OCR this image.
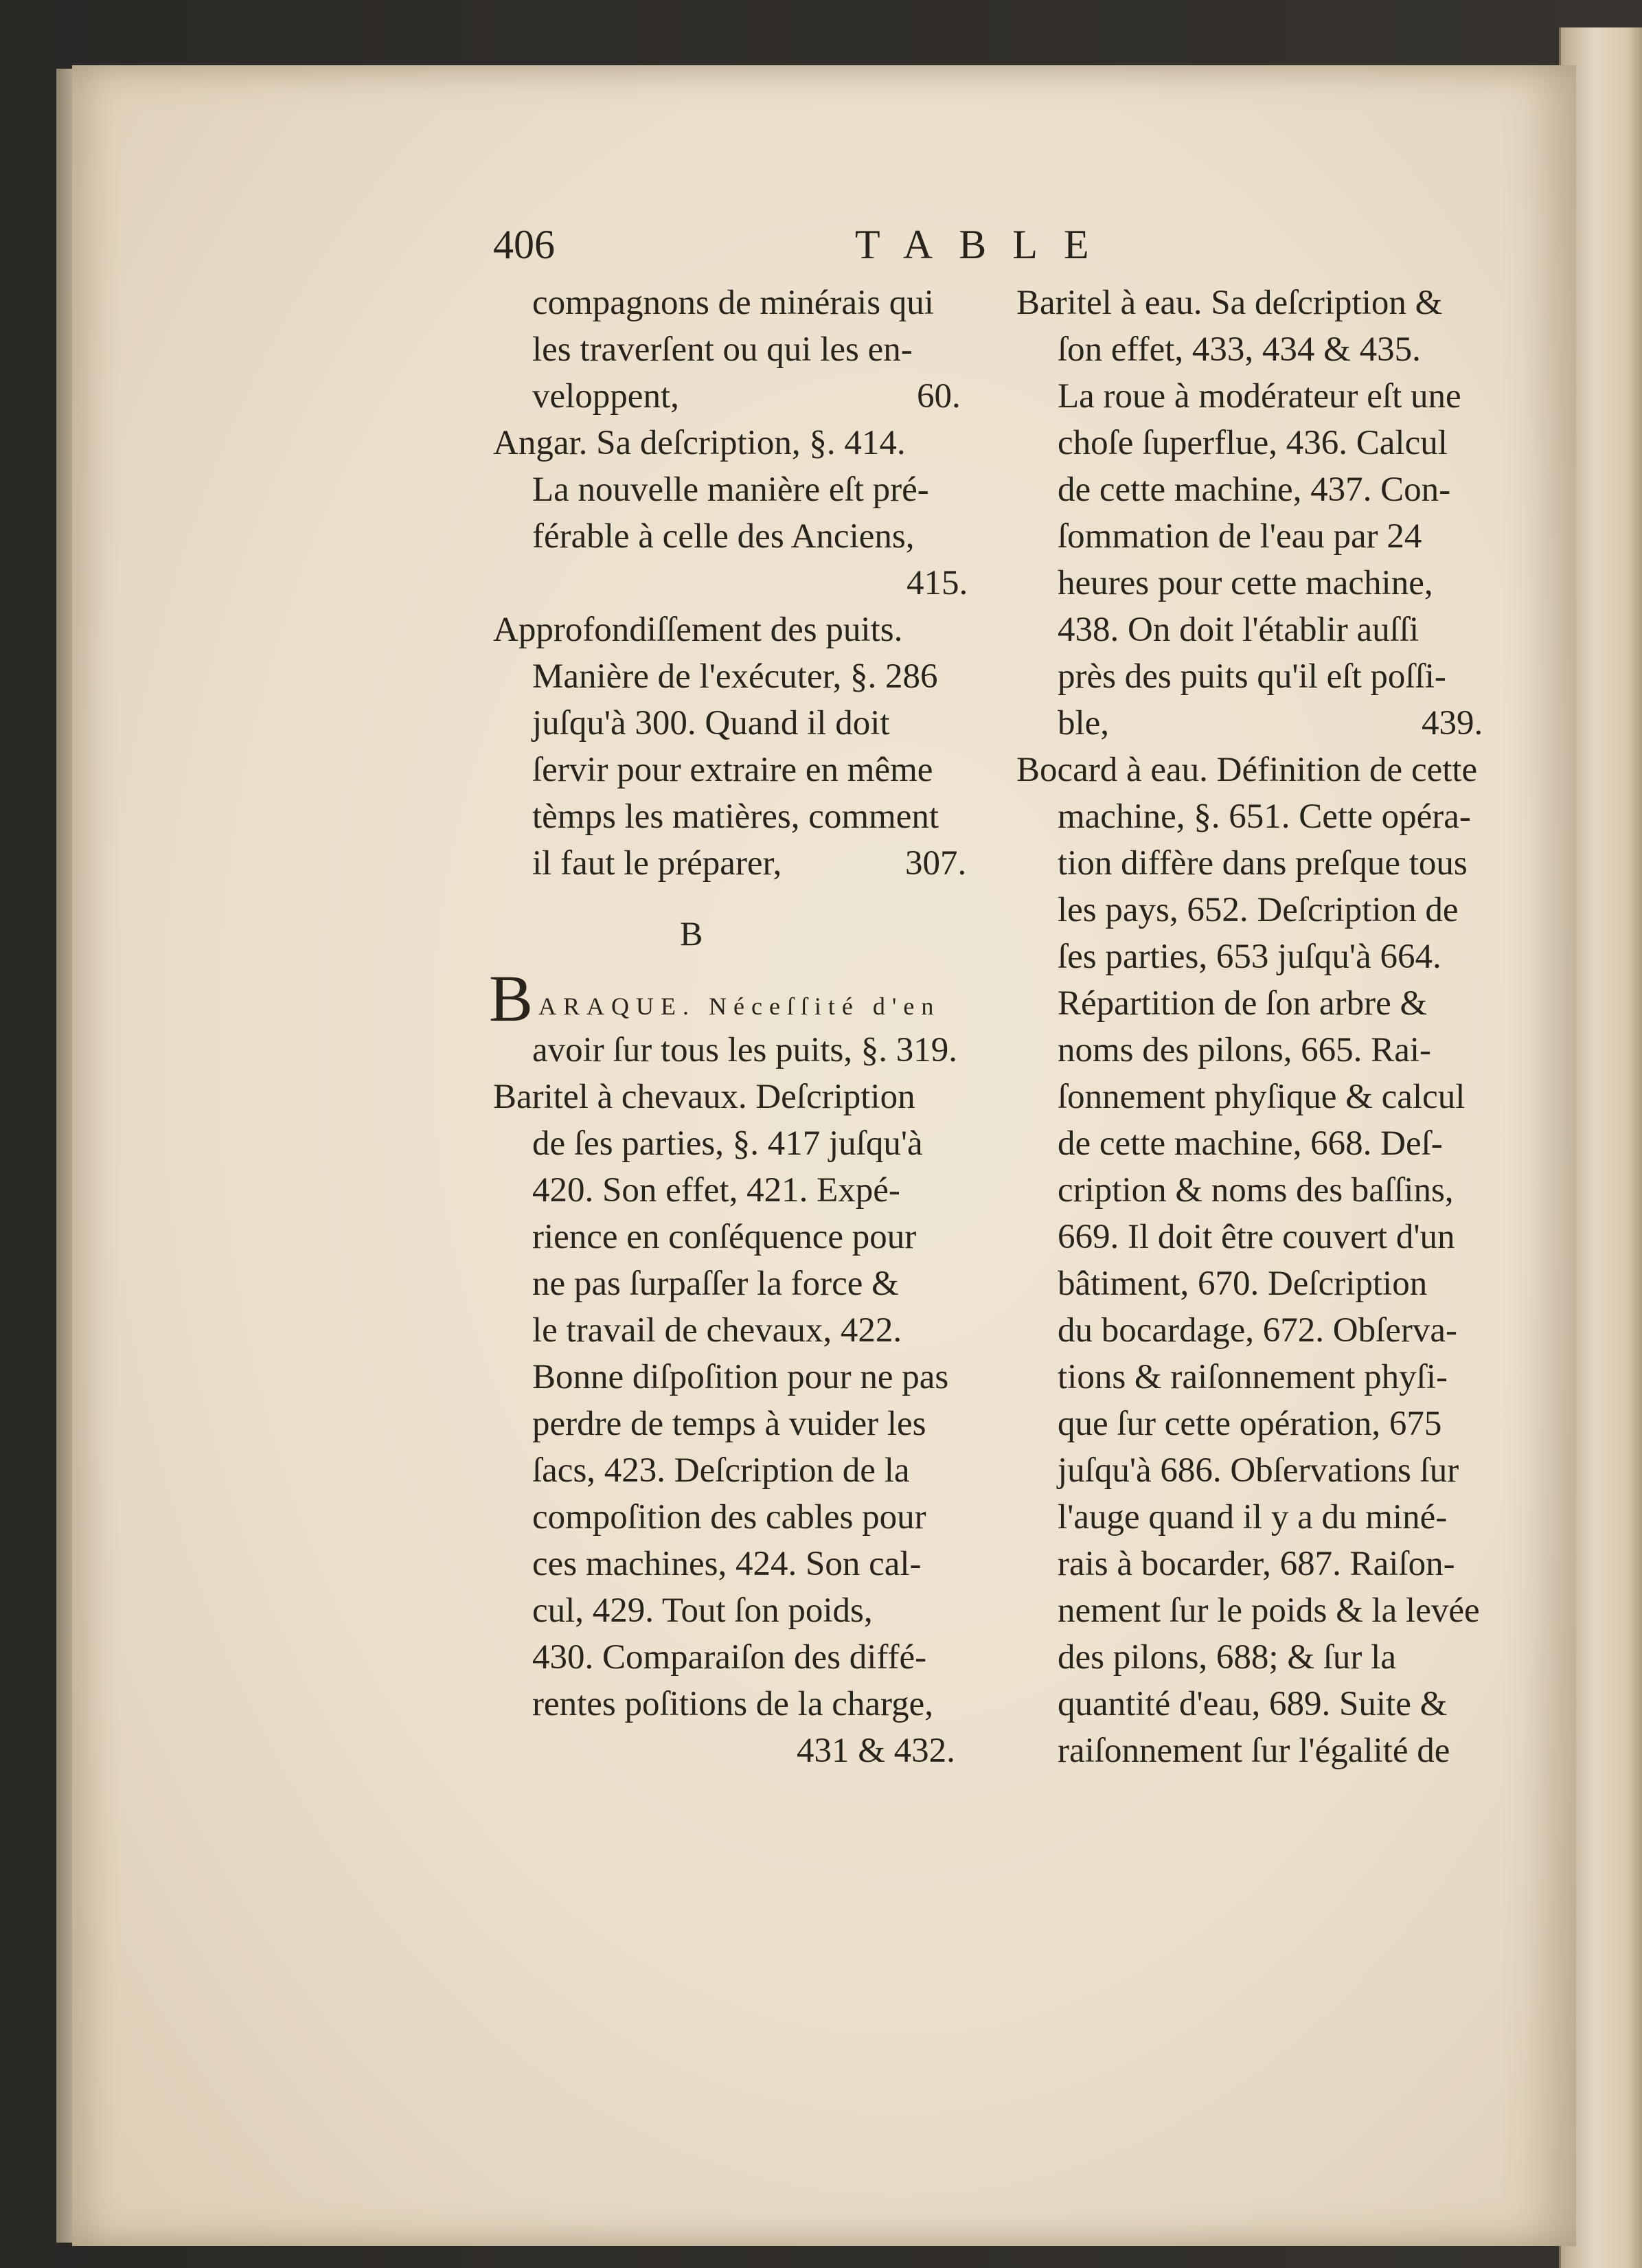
406	TABLE
compagnons de minérais qui
les traverſent ou qui les en-
veloppent,	60.
Angar. Sa deſcription, §. 414.
La nouvelle manière eſt pré-
férable à celle des Anciens,
415.
Approfondiſſement des puits.
Manière de l'exécuter, §. 286
juſqu'à 300. Quand il doit
ſervir pour extraire en même
tèmps les matières, comment
il faut le préparer,	307.
B
B ARAQUE. Néceſſité d'en
avoir ſur tous les puits, §. 319.
Baritel à chevaux. Deſcription
de ſes parties, §. 417 juſqu'à
420. Son effet, 421. Expé-
rience en conſéquence pour
ne pas ſurpaſſer la force &
le travail de chevaux, 422.
Bonne diſpoſition pour ne pas
perdre de temps à vuider les
ſacs, 423. Deſcription de la
compoſition des cables pour
ces machines, 424. Son cal-
cul, 429. Tout ſon poids,
430. Comparaiſon des diffé-
rentes poſitions de la charge,
431 & 432.
Baritel à eau. Sa deſcription &
ſon effet, 433, 434 & 435.
La roue à modérateur eſt une
choſe ſuperflue, 436. Calcul
de cette machine, 437. Con-
ſommation de l'eau par 24
heures pour cette machine,
438. On doit l'établir auſſi
près des puits qu'il eſt poſſi-
ble,	439.
Bocard à eau. Définition de cette
machine, §. 651. Cette opéra-
tion diffère dans preſque tous
les pays, 652. Deſcription de
ſes parties, 653 juſqu'à 664.
Répartition de ſon arbre &
noms des pilons, 665. Rai-
ſonnement phyſique & calcul
de cette machine, 668. Deſ-
cription & noms des baſſins,
669. Il doit être couvert d'un
bâtiment, 670. Deſcription
du bocardage, 672. Obſerva-
tions & raiſonnement phyſi-
que ſur cette opération, 675
juſqu'à 686. Obſervations ſur
l'auge quand il y a du miné-
rais à bocarder, 687. Raiſon-
nement ſur le poids & la levée
des pilons, 688; & ſur la
quantité d'eau, 689. Suite &
raiſonnement ſur l'égalité de
